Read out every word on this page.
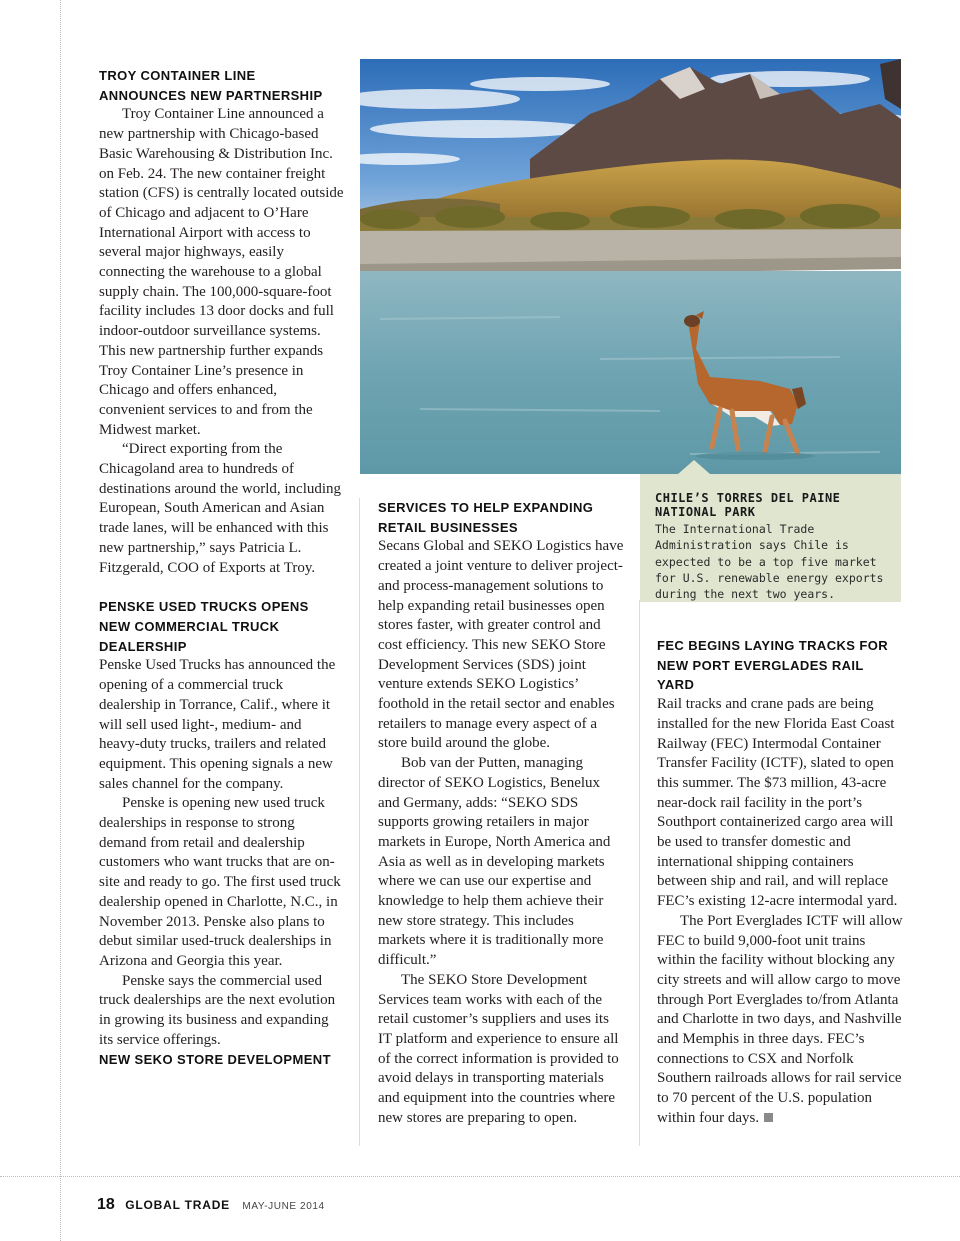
CHILE’S TORRES DEL PAINE
NATIONAL PARK
The International Trade Administration says Chile is expected to be a top five market for U.S. renewable energy exports during the next two years.
TROY CONTAINER LINE
ANNOUNCES NEW PARTNERSHIP

Troy Container Line announced a new partnership with Chicago-based Basic Warehousing & Distribution Inc. on Feb. 24. The new container freight station (CFS) is centrally located outside of Chicago and adjacent to O’Hare International Airport with access to several major highways, easily connecting the warehouse to a global supply chain. The 100,000-square-foot facility includes 13 door docks and full indoor-outdoor surveillance systems. This new partnership further expands Troy Container Line’s presence in Chicago and offers enhanced, convenient services to and from the Midwest market.

“Direct exporting from the Chicagoland area to hundreds of destinations around the world, including European, South American and Asian trade lanes, will be enhanced with this new partnership,” says Patricia L. Fitzgerald, COO of Exports at Troy.

PENSKE USED TRUCKS OPENS
NEW COMMERCIAL TRUCK
DEALERSHIP

Penske Used Trucks has announced the opening of a commercial truck dealership in Torrance, Calif., where it will sell used light-, medium- and heavy-duty trucks, trailers and related equipment. This opening signals a new sales channel for the company.

Penske is opening new used truck dealerships in response to strong demand from retail and dealership customers who want trucks that are on-site and ready to go. The first used truck dealership opened in Charlotte, N.C., in November 2013. Penske also plans to debut similar used-truck dealerships in Arizona and Georgia this year.

Penske says the commercial used truck dealerships are the next evolution in growing its business and expanding its service offerings.

NEW SEKO STORE DEVELOPMENT
SERVICES TO HELP EXPANDING
RETAIL BUSINESSES

Secans Global and SEKO Logistics have created a joint venture to deliver project- and process-management solutions to help expanding retail businesses open stores faster, with greater control and cost efficiency. This new SEKO Store Development Services (SDS) joint venture extends SEKO Logistics’ foothold in the retail sector and enables retailers to manage every aspect of a store build around the globe.

Bob van der Putten, managing director of SEKO Logistics, Benelux and Germany, adds: “SEKO SDS supports growing retailers in major markets in Europe, North America and Asia as well as in developing markets where we can use our expertise and knowledge to help them achieve their new store strategy. This includes markets where it is traditionally more difficult.”

The SEKO Store Development Services team works with each of the retail customer’s suppliers and uses its IT platform and experience to ensure all of the correct information is provided to avoid delays in transporting materials and equipment into the countries where new stores are preparing to open.

FEC BEGINS LAYING TRACKS FOR
NEW PORT EVERGLADES RAIL YARD

Rail tracks and crane pads are being installed for the new Florida East Coast Railway (FEC) Intermodal Container Transfer Facility (ICTF), slated to open this summer. The $73 million, 43-acre near-dock rail facility in the port’s Southport containerized cargo area will be used to transfer domestic and international shipping containers between ship and rail, and will replace FEC’s existing 12-acre intermodal yard.

The Port Everglades ICTF will allow FEC to build 9,000-foot unit trains within the facility without blocking any city streets and will allow cargo to move through Port Everglades to/from Atlanta and Charlotte in two days, and Nashville and Memphis in three days. FEC’s connections to CSX and Norfolk Southern railroads allows for rail service to 70 percent of the U.S. population within four days.

18 GLOBAL TRADE MAY-JUNE 2014
